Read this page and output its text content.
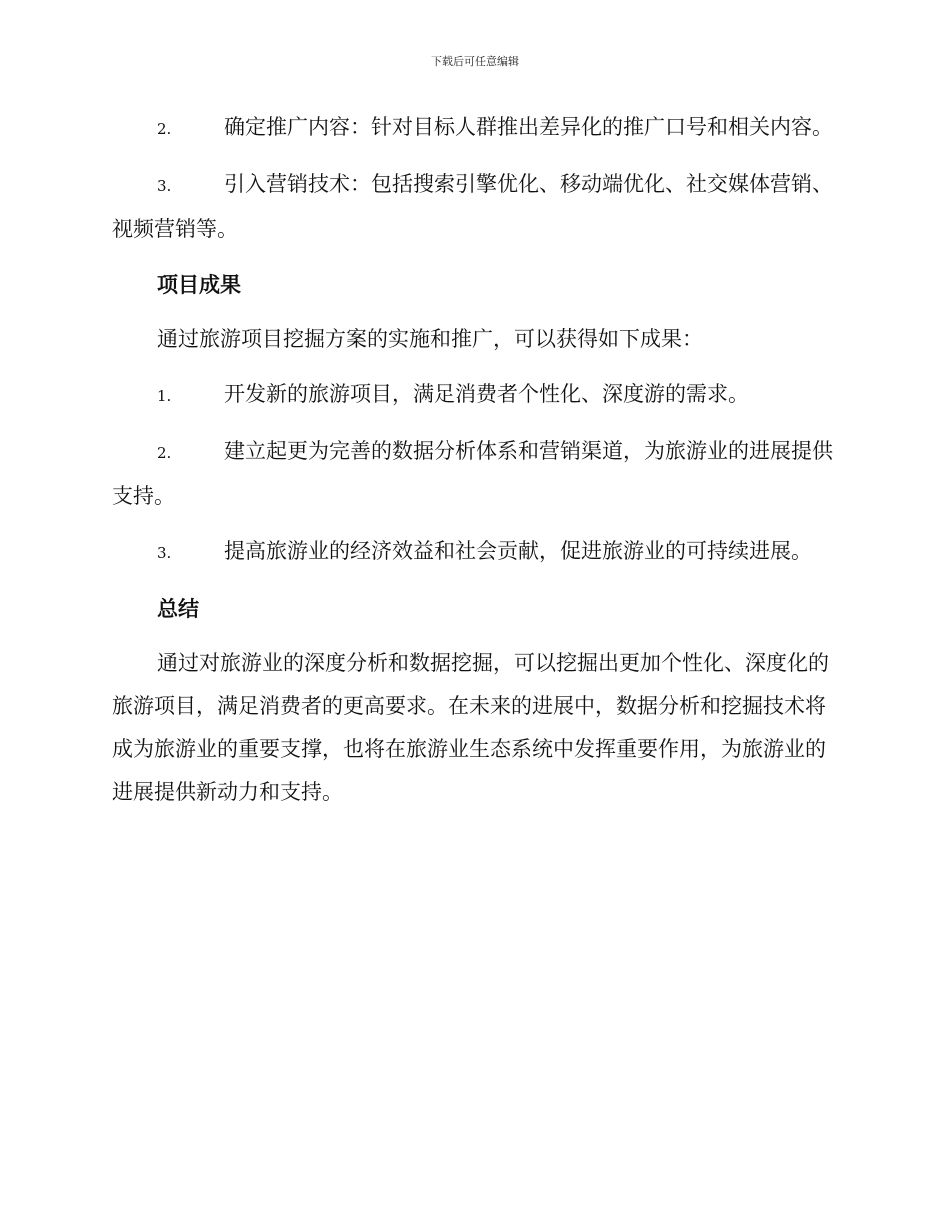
下载后可任意编辑

2.	确定推广内容：针对目标人群推出差异化的推广口号和相关内容。

3.	引入营销技术：包括搜索引擎优化、移动端优化、社交媒体营销、视频营销等。

项目成果

通过旅游项目挖掘方案的实施和推广，可以获得如下成果：

1.	开发新的旅游项目，满足消费者个性化、深度游的需求。

2.	建立起更为完善的数据分析体系和营销渠道，为旅游业的进展提供支持。

3.	提高旅游业的经济效益和社会贡献，促进旅游业的可持续进展。

总结

通过对旅游业的深度分析和数据挖掘，可以挖掘出更加个性化、深度化的旅游项目，满足消费者的更高要求。在未来的进展中，数据分析和挖掘技术将成为旅游业的重要支撑，也将在旅游业生态系统中发挥重要作用，为旅游业的进展提供新动力和支持。
